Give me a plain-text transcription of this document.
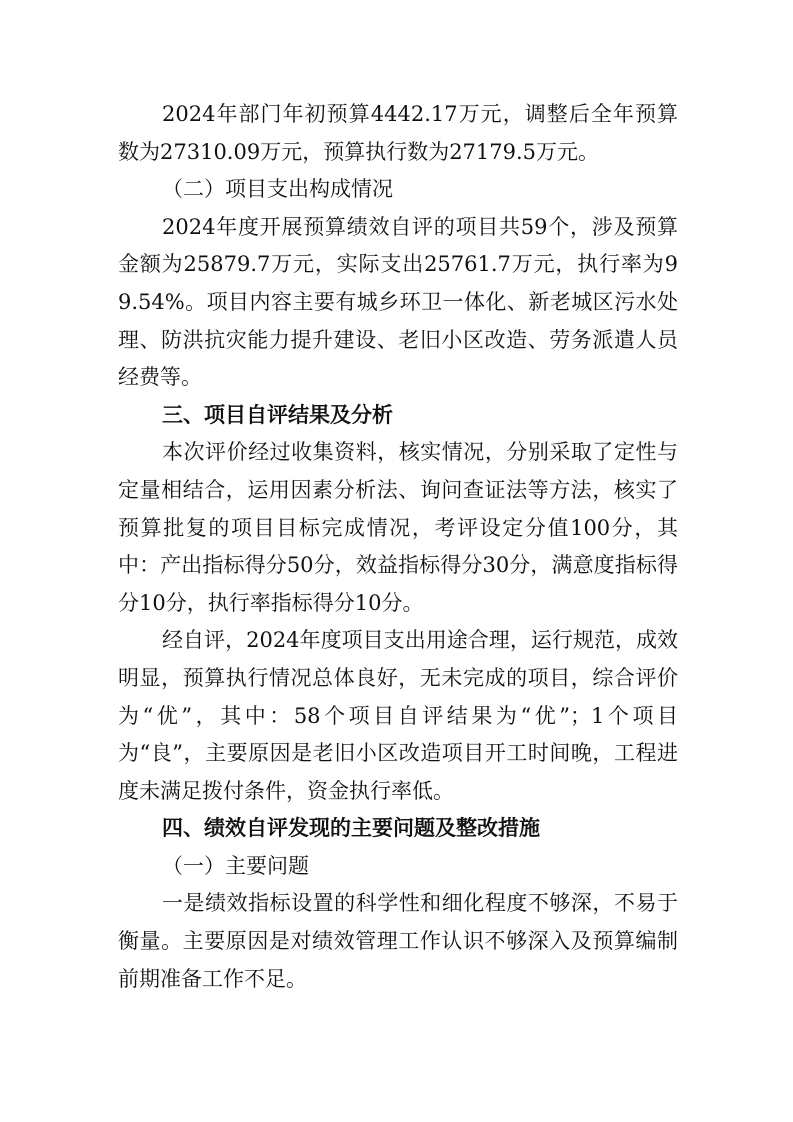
2024年部门年初预算4442.17万元，调整后全年预算数为27310.09万元，预算执行数为27179.5万元。

（二）项目支出构成情况

2024年度开展预算绩效自评的项目共59个，涉及预算金额为25879.7万元，实际支出25761.7万元，执行率为99.54%。项目内容主要有城乡环卫一体化、新老城区污水处理、防洪抗灾能力提升建设、老旧小区改造、劳务派遣人员经费等。

三、项目自评结果及分析

本次评价经过收集资料，核实情况，分别采取了定性与定量相结合，运用因素分析法、询问查证法等方法，核实了预算批复的项目目标完成情况，考评设定分值100分，其中：产出指标得分50分，效益指标得分30分，满意度指标得分10分，执行率指标得分10分。

经自评，2024年度项目支出用途合理，运行规范，成效明显，预算执行情况总体良好，无未完成的项目，综合评价为“优”，其中：58个项目自评结果为“优”；1个项目为“良”，主要原因是老旧小区改造项目开工时间晚，工程进度未满足拨付条件，资金执行率低。

四、绩效自评发现的主要问题及整改措施

（一）主要问题

一是绩效指标设置的科学性和细化程度不够深，不易于衡量。主要原因是对绩效管理工作认识不够深入及预算编制前期准备工作不足。
